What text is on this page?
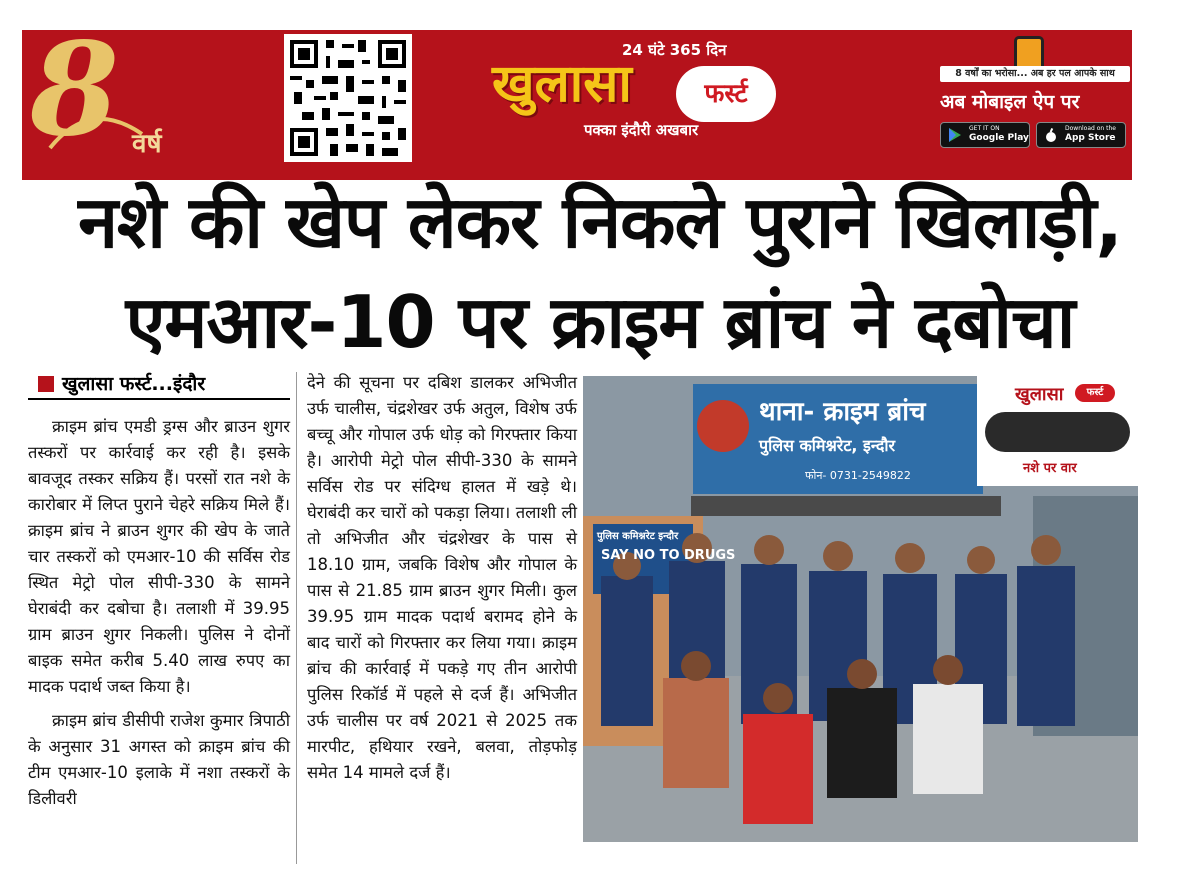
8 वर्ष
24 घंटे 365 दिन
खुलासा	फर्स्ट
पक्का इंदौरी अखबार
8 वर्षों का भरोसा... अब हर पल आपके साथ
अब मोबाइल ऐप पर
GET IT ON
Google Play
Download on the
App Store
नशे की खेप लेकर निकले पुराने खिलाड़ी,
एमआर-10 पर क्राइम ब्रांच ने दबोचा
खुलासा फर्स्ट...इंदौर

क्राइम ब्रांच एमडी ड्रग्स और ब्राउन शुगर तस्करों पर कार्रवाई कर रही है। इसके बावजूद तस्कर सक्रिय हैं। परसों रात नशे के कारोबार में लिप्त पुराने चेहरे सक्रिय मिले हैं। क्राइम ब्रांच ने ब्राउन शुगर की खेप के जाते चार तस्करों को एमआर-10 की सर्विस रोड स्थित मेट्रो पोल सीपी-330 के सामने घेराबंदी कर दबोचा है। तलाशी में 39.95 ग्राम ब्राउन शुगर निकली। पुलिस ने दोनों बाइक समेत करीब 5.40 लाख रुपए का मादक पदार्थ जब्त किया है।

क्राइम ब्रांच डीसीपी राजेश कुमार त्रिपाठी के अनुसार 31 अगस्त को क्राइम ब्रांच की टीम एमआर-10 इलाके में नशा तस्करों के डिलीवरी

देने की सूचना पर दबिश डालकर अभिजीत उर्फ चालीस, चंद्रशेखर उर्फ अतुल, विशेष उर्फ बच्चू और गोपाल उर्फ धोड़ को गिरफ्तार किया है। आरोपी मेट्रो पोल सीपी-330 के सामने सर्विस रोड पर संदिग्ध हालत में खड़े थे। घेराबंदी कर चारों को पकड़ा लिया। तलाशी ली तो अभिजीत और चंद्रशेखर के पास से 18.10 ग्राम, जबकि विशेष और गोपाल के पास से 21.85 ग्राम ब्राउन शुगर मिली। कुल 39.95 ग्राम मादक पदार्थ बरामद होने के बाद चारों को गिरफ्तार कर लिया गया। क्राइम ब्रांच की कार्रवाई में पकड़े गए तीन आरोपी पुलिस रिकॉर्ड में पहले से दर्ज हैं। अभिजीत उर्फ चालीस पर वर्ष 2021 से 2025 तक मारपीट, हथियार रखने, बलवा, तोड़फोड़ समेत 14 मामले दर्ज हैं।

थाना- क्राइम ब्रांच
पुलिस कमिश्नरेट, इन्दौर
फोन- 0731-2549822
पुलिस कमिश्नरेट इन्दौर
SAY NO TO DRUGS
खुलासा	फर्स्ट
नशे पर वार
